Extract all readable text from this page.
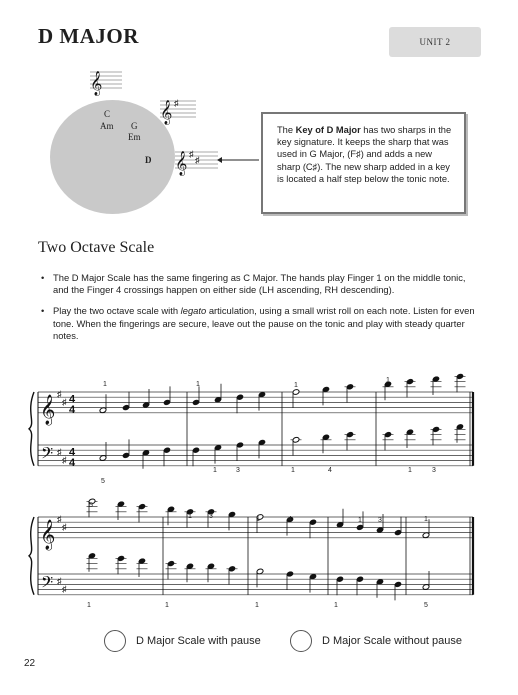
D MAJOR	UNIT 2
C
Am G
Em
D
𝄞
𝄞 ♯
𝄞 ♯
♯
The Key of D Major has two sharps in the key signature. It keeps the sharp that was used in G Major, (F♯) and adds a new sharp (C♯). The new sharp added in a key is located a half step below the tonic note.
Two Octave Scale
• The D Major Scale has the same fingering as C Major. The hands play Finger 1 on the middle tonic, and the Finger 4 crossings happen on either side (LH ascending, RH descending).
• Play the two octave scale with legato articulation, using a small wrist roll on each note. Listen for even tone. When the fingerings are secure, leave out the pause on the tonic and play with steady quarter notes.
𝄞
𝄢
♯
♯
♯
♯
4
4
4
4
1	1	1
1
5
1	3	1	4	1	3
𝄞
𝄢
♯
♯
♯
♯
5
1 3	1	4	1 3	1
1	1	1	1	5
D Major Scale with pause	D Major Scale without pause
22
